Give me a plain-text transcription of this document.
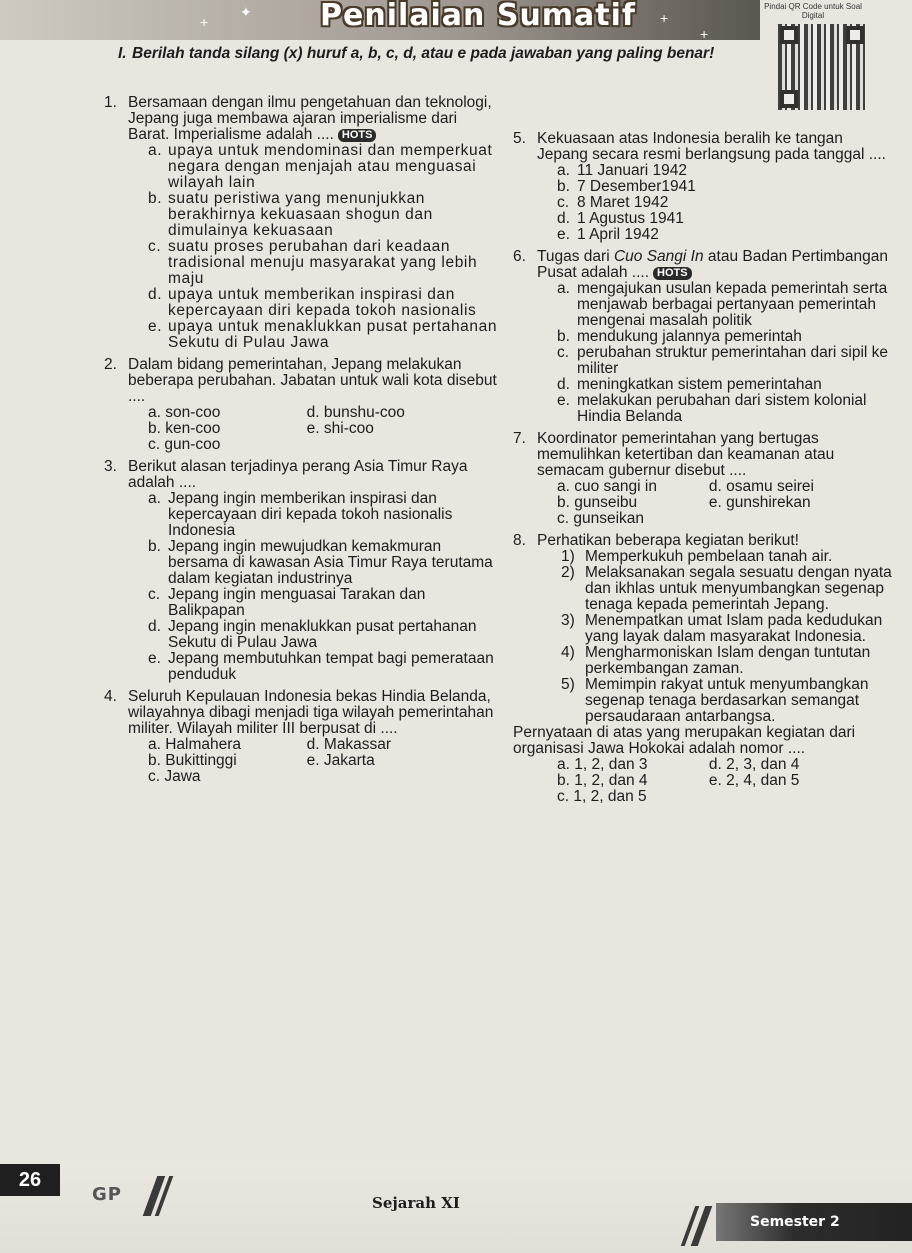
✦
+	+
+
Penilaian Sumatif	Pindai QR Code untuk Soal Digital
I. Berilah tanda silang (x) huruf a, b, c, d, atau e pada jawaban yang paling benar!
1. Bersamaan dengan ilmu pengetahuan dan teknologi, Jepang juga membawa ajaran imperialisme dari Barat. Imperialisme adalah .... HOTS
a. upaya untuk mendominasi dan memperkuat negara dengan menjajah atau menguasai wilayah lain
b. suatu peristiwa yang menunjukkan berakhirnya kekuasaan shogun dan dimulainya kekuasaan
c. suatu proses perubahan dari keadaan tradisional menuju masyarakat yang lebih maju
d. upaya untuk memberikan inspirasi dan kepercayaan diri kepada tokoh nasionalis
e. upaya untuk menaklukkan pusat pertahanan Sekutu di Pulau Jawa
2. Dalam bidang pemerintahan, Jepang melakukan beberapa perubahan. Jabatan untuk wali kota disebut ....
a. son-coo	d. bunshu-coo
b. ken-coo	e. shi-coo
c. gun-coo
3. Berikut alasan terjadinya perang Asia Timur Raya adalah ....
a. Jepang ingin memberikan inspirasi dan kepercayaan diri kepada tokoh nasionalis Indonesia
b. Jepang ingin mewujudkan kemakmuran bersama di kawasan Asia Timur Raya terutama dalam kegiatan industrinya
c. Jepang ingin menguasai Tarakan dan Balikpapan
d. Jepang ingin menaklukkan pusat pertahanan Sekutu di Pulau Jawa
e. Jepang membutuhkan tempat bagi pemerataan penduduk
4. Seluruh Kepulauan Indonesia bekas Hindia Belanda, wilayahnya dibagi menjadi tiga wilayah pemerintahan militer. Wilayah militer III berpusat di ....
a. Halmahera	d. Makassar
b. Bukittinggi	e. Jakarta
c. Jawa
5. Kekuasaan atas Indonesia beralih ke tangan Jepang secara resmi berlangsung pada tanggal ....
a. 11 Januari 1942
b. 7 Desember1941
c. 8 Maret 1942
d. 1 Agustus 1941
e. 1 April 1942
6. Tugas dari Cuo Sangi In atau Badan Pertimbangan Pusat adalah .... HOTS
a. mengajukan usulan kepada pemerintah serta menjawab berbagai pertanyaan pemerintah mengenai masalah politik
b. mendukung jalannya pemerintah
c. perubahan struktur pemerintahan dari sipil ke militer
d. meningkatkan sistem pemerintahan
e. melakukan perubahan dari sistem kolonial Hindia Belanda
7. Koordinator pemerintahan yang bertugas memulihkan ketertiban dan keamanan atau semacam gubernur disebut ....
a. cuo sangi in	d. osamu seirei
b. gunseibu	e. gunshirekan
c. gunseikan
8. Perhatikan beberapa kegiatan berikut!
1) Memperkukuh pembelaan tanah air.
2) Melaksanakan segala sesuatu dengan nyata dan ikhlas untuk menyumbangkan segenap tenaga kepada pemerintah Jepang.
3) Menempatkan umat Islam pada kedudukan yang layak dalam masyarakat Indonesia.
4) Mengharmoniskan Islam dengan tuntutan perkembangan zaman.
5) Memimpin rakyat untuk menyumbangkan segenap tenaga berdasarkan semangat persaudaraan antarbangsa.
Pernyataan di atas yang merupakan kegiatan dari organisasi Jawa Hokokai adalah nomor ....
a. 1, 2, dan 3	d. 2, 3, dan 4
b. 1, 2, dan 4	e. 2, 4, dan 5
c. 1, 2, dan 5
26
GP	Sejarah XI
Semester 2
